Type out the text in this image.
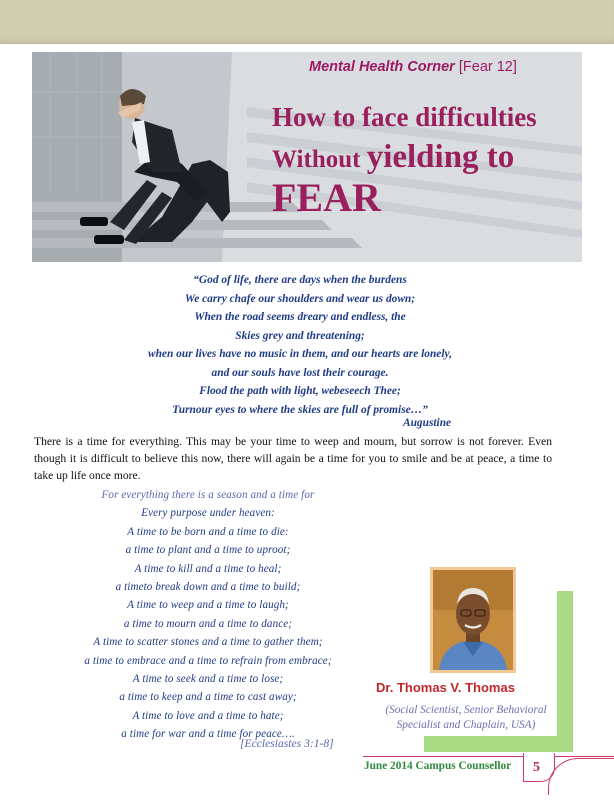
Mental Health Corner [Fear 12]
How to face difficulties
Without yielding to
FEAR
“God of life, there are days when the burdens
We carry chafe our shoulders and wear us down;
When the road seems dreary and endless, the
Skies grey and threatening;
when our lives have no music in them, and our hearts are lonely,
and our souls have lost their courage.
Flood the path with light, webeseech Thee;
Turnour eyes to where the skies are full of promise…”
Augustine
There is a time for everything. This may be your time to weep and mourn, but sorrow is not forever. Even though it is difficult to believe this now, there will again be a time for you to smile and be at peace, a time to take up life once more.
For everything there is a season and a time for
Every purpose under heaven:
A time to be born and a time to die:
a time to plant and a time to uproot;
A time to kill and a time to heal;
a timeto break down and a time to build;
A time to weep and a time to laugh;
a time to mourn and a time to dance;
A time to scatter stones and a time to gather them;
a time to embrace and a time to refrain from embrace;
A time to seek and a time to lose;
a time to keep and a time to cast away;
A time to love and a time to hate;
a time for war and a time for peace….
[Ecclesiastes 3:1-8]
Dr. Thomas V. Thomas
(Social Scientist, Senior Behavioral
Specialist and Chaplain, USA)
June 2014 Campus Counsellor 5
